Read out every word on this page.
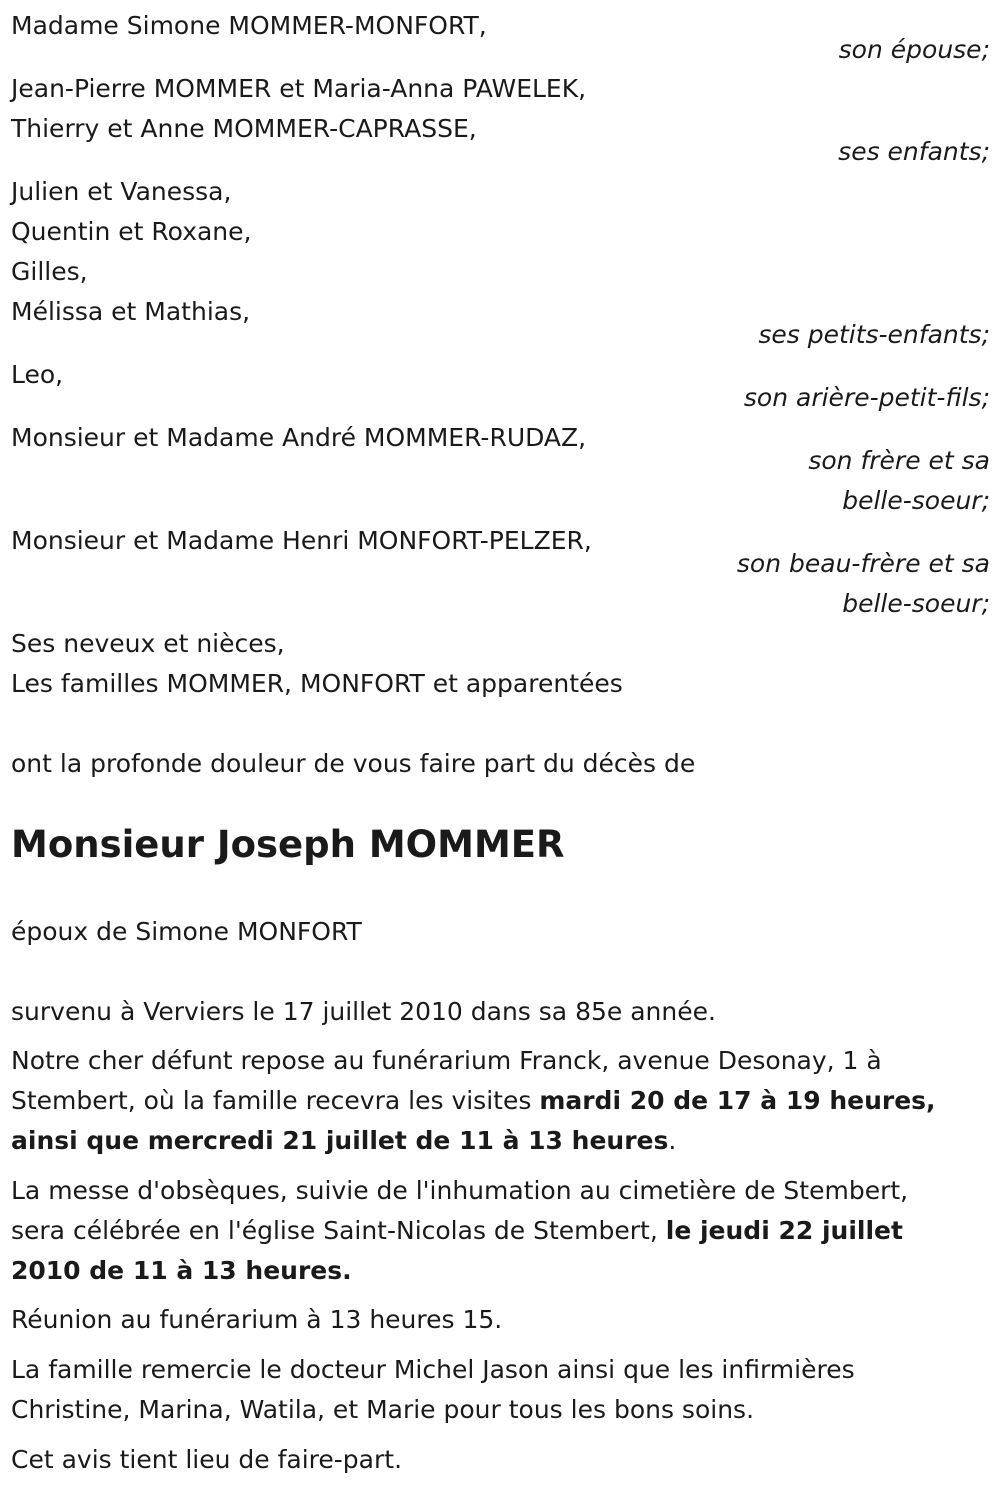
Madame Simone MOMMER-MONFORT,
son épouse;
Jean-Pierre MOMMER et Maria-Anna PAWELEK,
Thierry et Anne MOMMER-CAPRASSE,
ses enfants;
Julien et Vanessa,
Quentin et Roxane,
Gilles,
Mélissa et Mathias,
ses petits-enfants;
Leo,
son arière-petit-fils;
Monsieur et Madame André MOMMER-RUDAZ,
son frère et sa
belle-soeur;
Monsieur et Madame Henri MONFORT-PELZER,
son beau-frère et sa
belle-soeur;
Ses neveux et nièces,
Les familles MOMMER, MONFORT et apparentées
ont la profonde douleur de vous faire part du décès de
Monsieur Joseph MOMMER
époux de Simone MONFORT
survenu à Verviers le 17 juillet 2010 dans sa 85e année.
Notre cher défunt repose au funérarium Franck, avenue Desonay, 1 à
Stembert, où la famille recevra les visites mardi 20 de 17 à 19 heures,
ainsi que mercredi 21 juillet de 11 à 13 heures.
La messe d'obsèques, suivie de l'inhumation au cimetière de Stembert,
sera célébrée en l'église Saint-Nicolas de Stembert, le jeudi 22 juillet
2010 de 11 à 13 heures.
Réunion au funérarium à 13 heures 15.
La famille remercie le docteur Michel Jason ainsi que les infirmières
Christine, Marina, Watila, et Marie pour tous les bons soins.
Cet avis tient lieu de faire-part.
